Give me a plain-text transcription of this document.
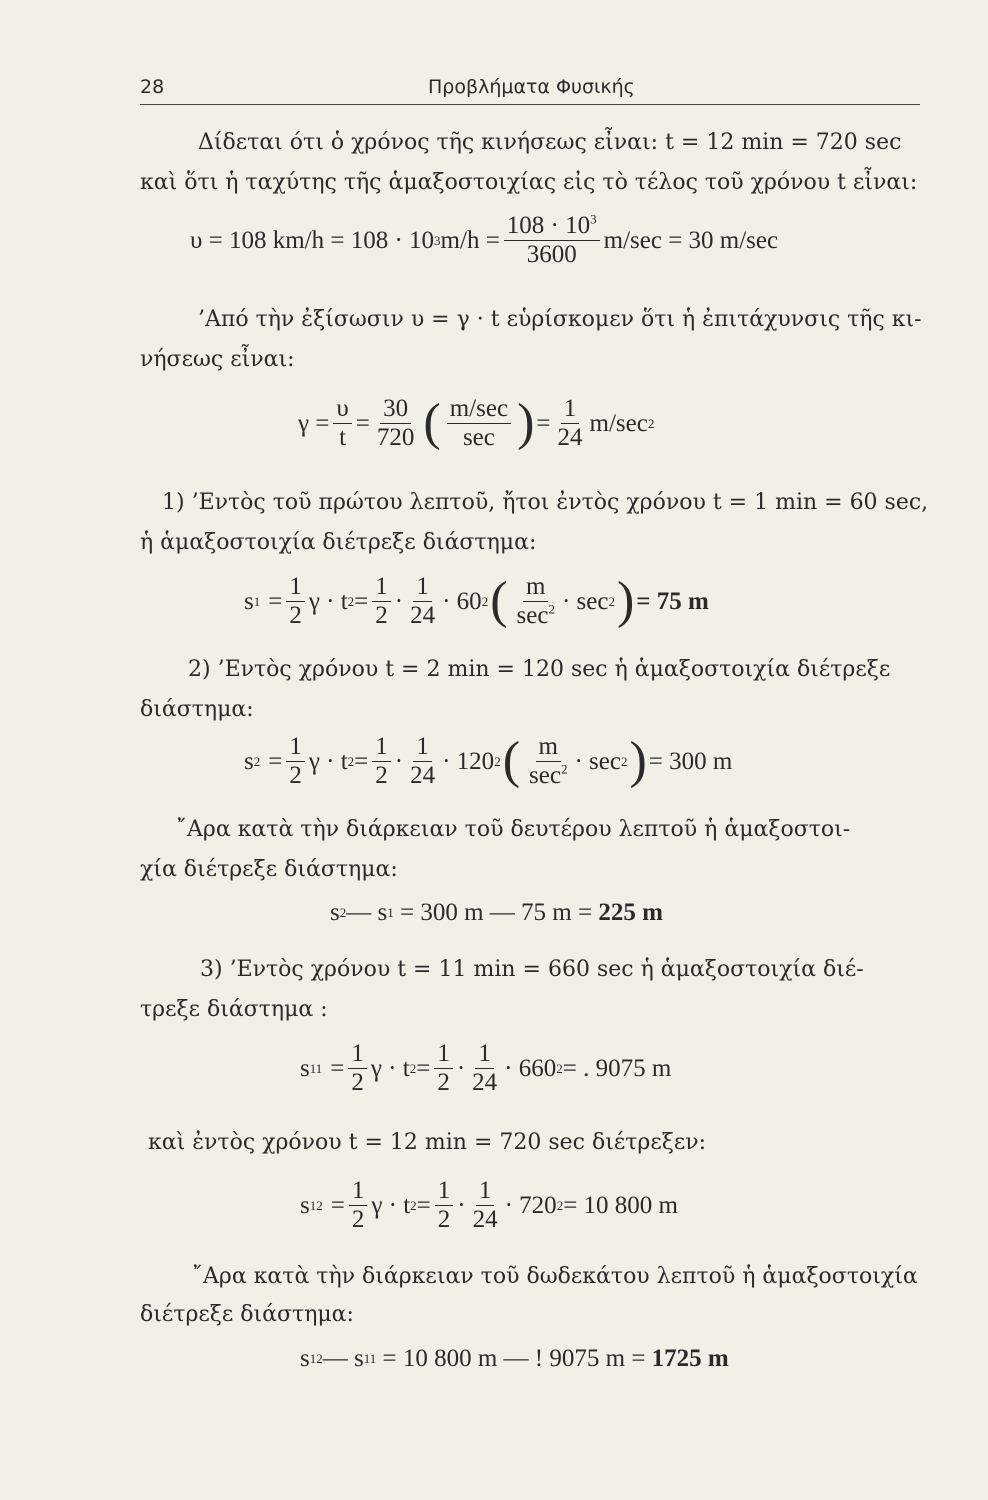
28	Προβλήματα Φυσικής
Δίδεται ότι ὁ χρόνος τῆς κινήσεως εἶναι: t = 12 min = 720 sec
καὶ ὅτι ἡ ταχύτης τῆς ἁμαξοστοιχίας εἰς τὸ τέλος τοῦ χρόνου t εἶναι:
υ = 108 km/h = 108 · 10 3 $m/h = \frac{108 \cdot 10^3}{3600} m/\sec = 30$ m/sec
’Από τὴν ἐξίσωσιν υ = γ · t εὑρίσκομεν ὅτι ἡ ἐπιτάχυνσις τῆς κι-
νήσεως εἶναι:
$\gamma = \frac{\upsilon}{t} = \frac{30}{720}$ ( $\frac{m/\sec}{\sec}$ ) = $\frac{1}{24} m/\sec$ 2
1) ’Εντὸς τοῦ πρώτου λεπτοῦ, ἤτοι ἐντὸς χρόνου t = 1 min = 60 sec,
ἡ ἁμαξοστοιχία διέτρεξε διάστημα:
s $1 = \frac{1}{2}$ γ · t $2 = \frac{1}{2} \cdot \frac{1}{24} \cdot 60$ 2 ( $\frac{m}{\sec^2} \cdot \sec 2$ ) = 75 m
2) ’Εντὸς χρόνου t = 2 min = 120 sec ἡ ἁμαξοστοιχία διέτρεξε
διάστημα:
s $2 = \frac{1}{2}$ γ · t $2 = \frac{1}{2} \cdot \frac{1}{24} \cdot 120$ 2 ( $\frac{m}{\sec^2} \cdot \sec 2$ ) = 300 m
῎Αρα κατὰ τὴν διάρκειαν τοῦ δευτέρου λεπτοῦ ἡ ἁμαξοστοι-
χία διέτρεξε διάστημα:
s 2 — s 1 = 300 m — 75 m = 225 m
3) ’Εντὸς χρόνου t = 11 min = 660 sec ἡ ἁμαξοστοιχία διέ-
τρεξε διάστημα :
s $11 = \frac{1}{2}$ γ · t $2 = \frac{1}{2} \cdot \frac{1}{24} \cdot 660$ 2 = . 9075 m
καὶ ἐντὸς χρόνου t = 12 min = 720 sec διέτρεξεν:
s $12 = \frac{1}{2}$ γ · t $2 = \frac{1}{2} \cdot \frac{1}{24} \cdot 720$ 2 = 10 800 m
῎Αρα κατὰ τὴν διάρκειαν τοῦ δωδεκάτου λεπτοῦ ἡ ἁμαξοστοιχία
διέτρεξε διάστημα:
s 12 — s 11 = 10 800 m — ! 9075 m = 1725 m
